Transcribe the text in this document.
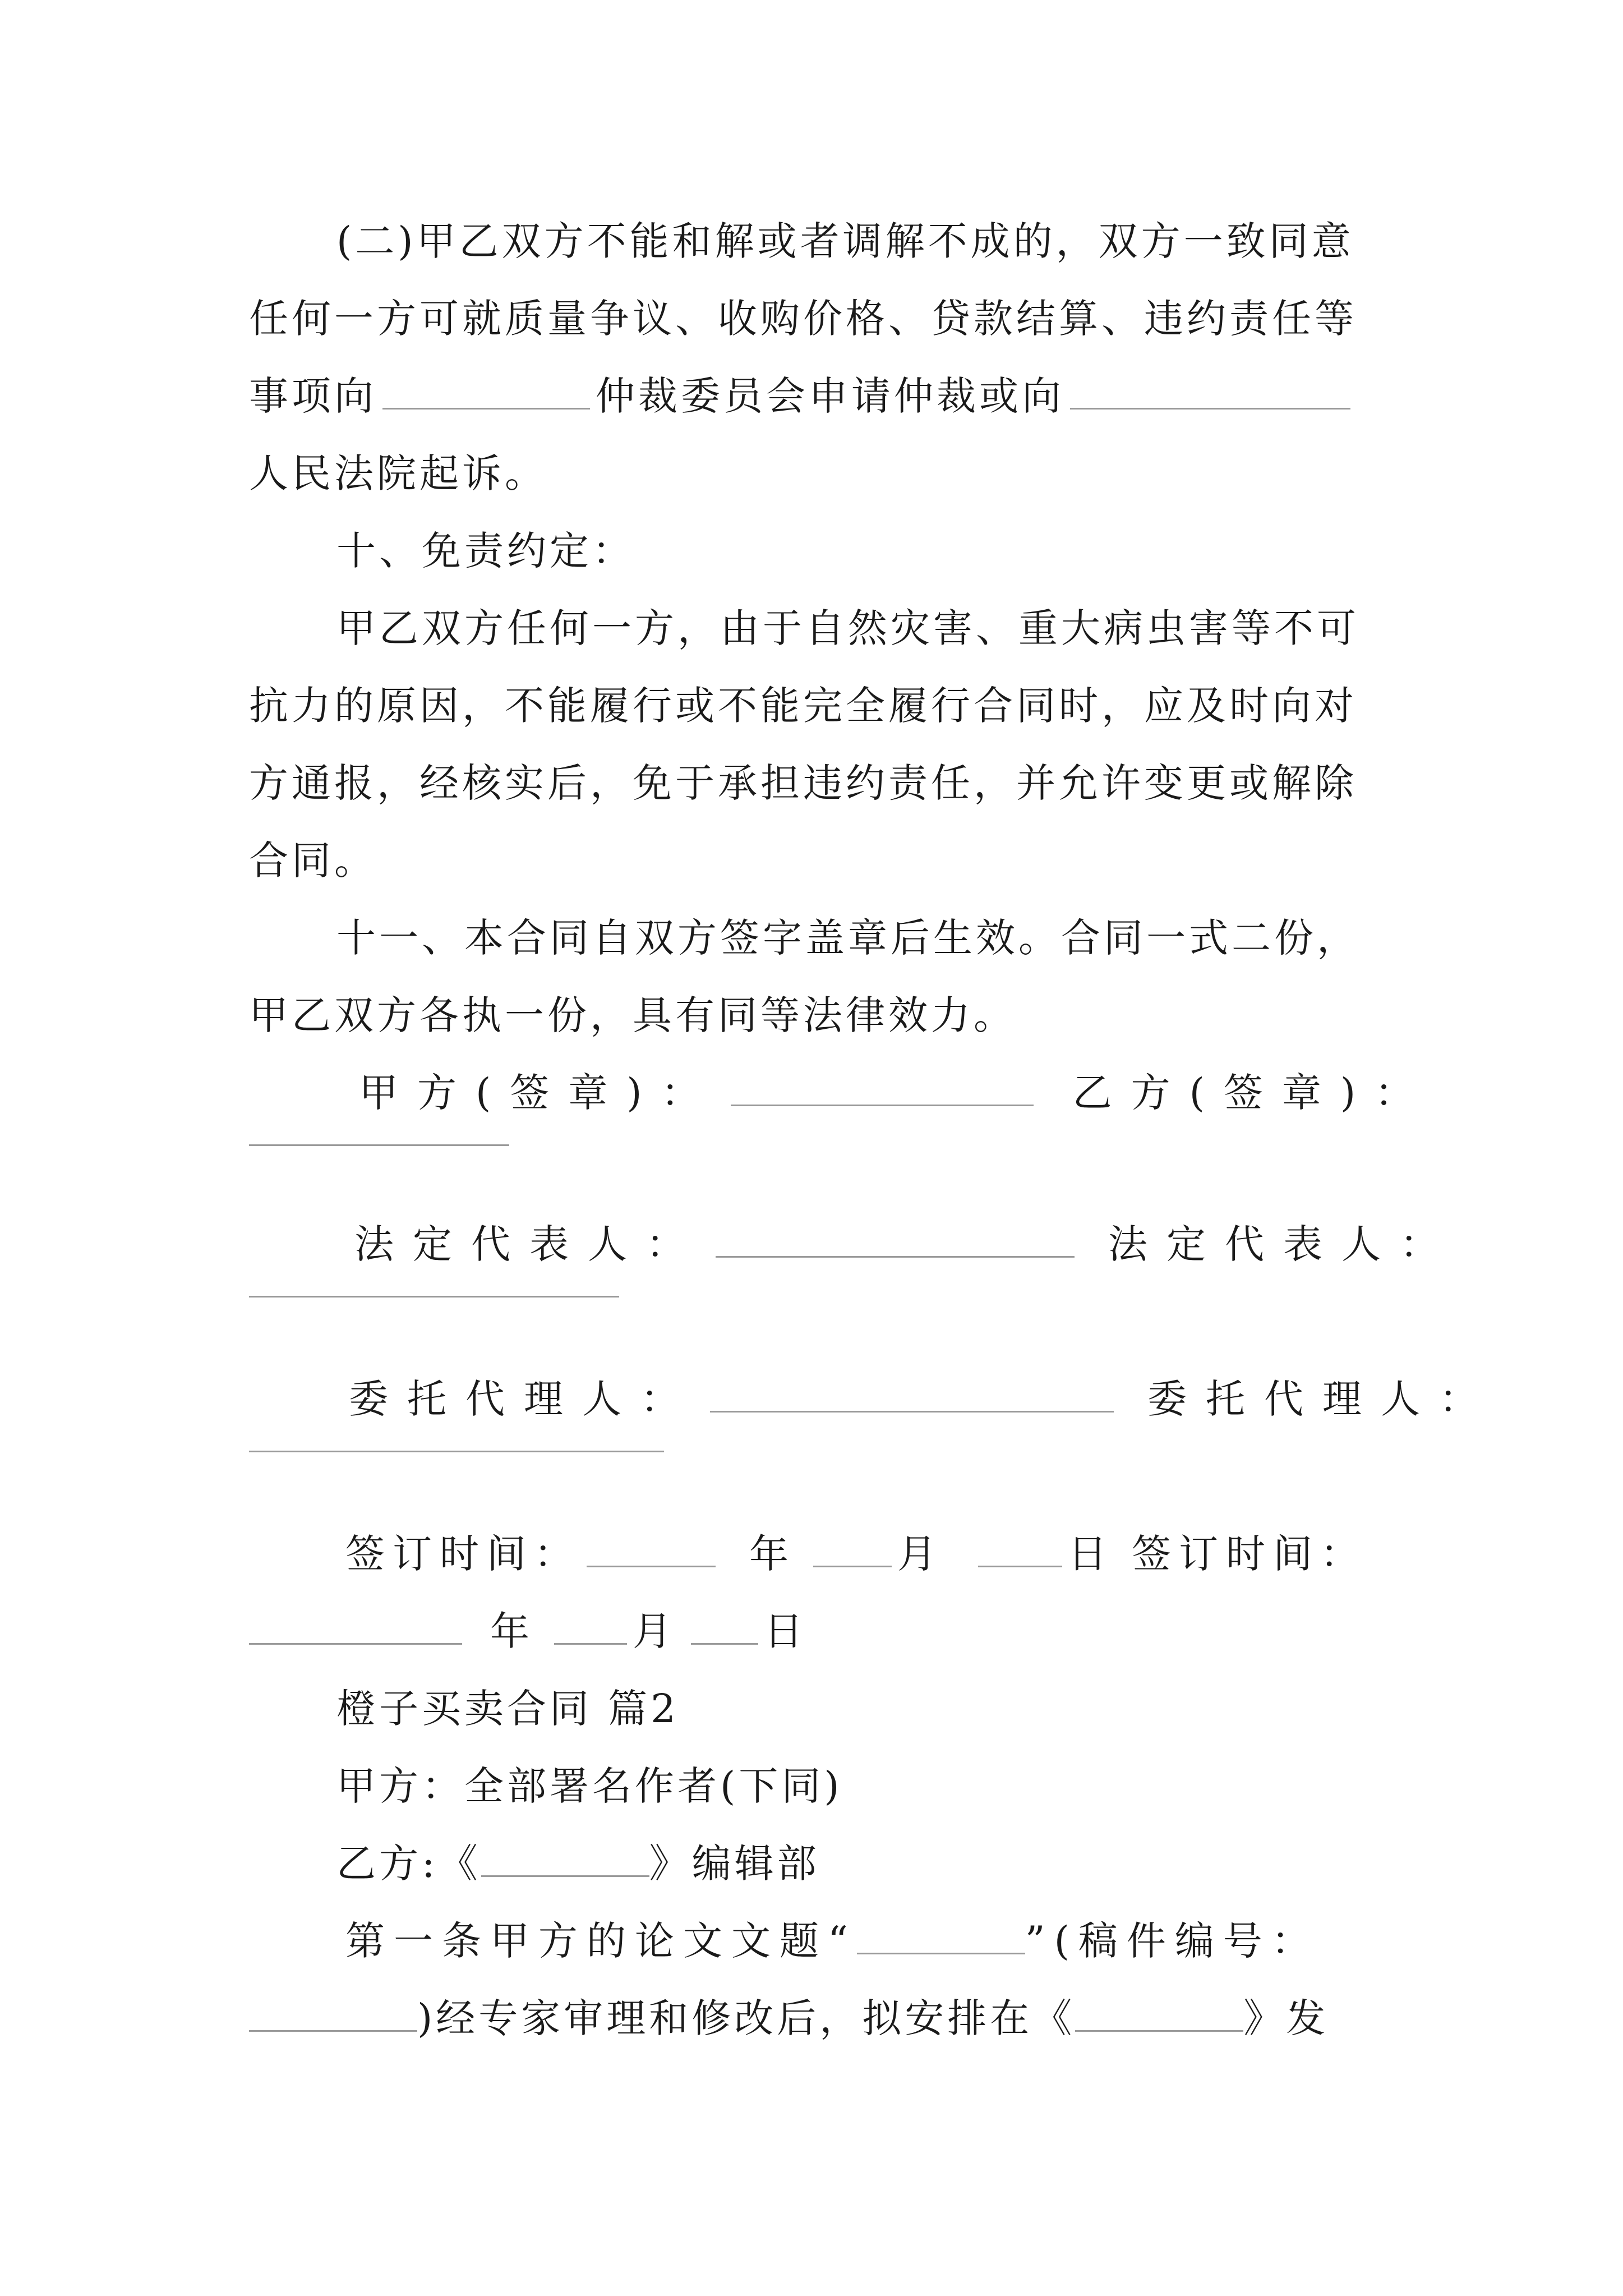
(二)甲乙双方不能和解或者调解不成的，双方一致同意
任何一方可就质量争议、收购价格、贷款结算、违约责任等
事项向	仲裁委员会申请仲裁或向
人民法院起诉。
十、免责约定：
甲乙双方任何一方，由于自然灾害、重大病虫害等不可
抗力的原因，不能履行或不能完全履行合同时，应及时向对
方通报，经核实后，免于承担违约责任，并允许变更或解除
合同。
十一、本合同自双方签字盖章后生效。合同一式二份，
甲乙双方各执一份，具有同等法律效力。
甲方(签章)：	乙方(签章)：
法定代表人：	法定代表人：
委托代理人：	委托代理人：
签订时间：	年	月	日 签订时间：
年 月 日
橙子买卖合同 篇2
甲方：全部署名作者(下同)
乙方:《	》编辑部
第一条甲方的论文文题“	”(稿件编号：
)经专家审理和修改后，拟安排在《	》发
